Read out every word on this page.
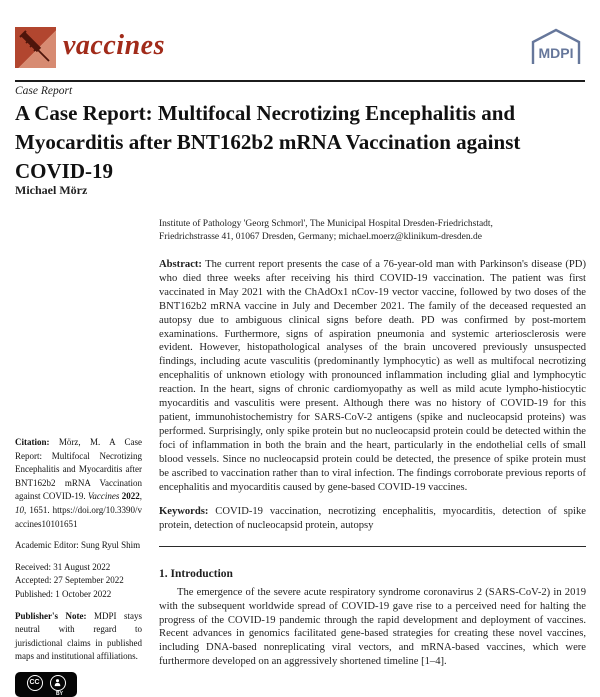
vaccines	MDPI
Case Report
A Case Report: Multifocal Necrotizing Encephalitis and Myocarditis after BNT162b2 mRNA Vaccination against COVID-19

Michael Mörz

Institute of Pathology 'Georg Schmorl', The Municipal Hospital Dresden-Friedrichstadt, Friedrichstrasse 41, 01067 Dresden, Germany; michael.moerz@klinikum-dresden.de

Abstract: The current report presents the case of a 76-year-old man with Parkinson's disease (PD) who died three weeks after receiving his third COVID-19 vaccination. The patient was first vaccinated in May 2021 with the ChAdOx1 nCov-19 vector vaccine, followed by two doses of the BNT162b2 mRNA vaccine in July and December 2021. The family of the deceased requested an autopsy due to ambiguous clinical signs before death. PD was confirmed by post-mortem examinations. Furthermore, signs of aspiration pneumonia and systemic arteriosclerosis were evident. However, histopathological analyses of the brain uncovered previously unsuspected findings, including acute vasculitis (predominantly lymphocytic) as well as multifocal necrotizing encephalitis of unknown etiology with pronounced inflammation including glial and lymphocytic reaction. In the heart, signs of chronic cardiomyopathy as well as mild acute lympho-histiocytic myocarditis and vasculitis were present. Although there was no history of COVID-19 for this patient, immunohistochemistry for SARS-CoV-2 antigens (spike and nucleocapsid proteins) was performed. Surprisingly, only spike protein but no nucleocapsid protein could be detected within the foci of inflammation in both the brain and the heart, particularly in the endothelial cells of small blood vessels. Since no nucleocapsid protein could be detected, the presence of spike protein must be ascribed to vaccination rather than to viral infection. The findings corroborate previous reports of encephalitis and myocarditis caused by gene-based COVID-19 vaccines.

Keywords: COVID-19 vaccination, necrotizing encephalitis, myocarditis, detection of spike protein, detection of nucleocapsid protein, autopsy

1. Introduction

The emergence of the severe acute respiratory syndrome coronavirus 2 (SARS-CoV-2) in 2019 with the subsequent worldwide spread of COVID-19 gave rise to a perceived need for halting the progress of the COVID-19 pandemic through the rapid development and deployment of vaccines. Recent advances in genomics facilitated gene-based strategies for creating these novel vaccines, including DNA-based nonreplicating viral vectors, and mRNA-based vaccines, which were furthermore developed on an aggressively shortened timeline [1–4].

Citation: Mörz, M. A Case Report: Multifocal Necrotizing Encephalitis and Myocarditis after BNT162b2 mRNA Vaccination against COVID-19. Vaccines 2022, 10, 1651. https://doi.org/10.3390/vaccines10101651

Academic Editor: Sung Ryul Shim

Received: 31 August 2022
Accepted: 27 September 2022
Published: 1 October 2022

Publisher's Note: MDPI stays neutral with regard to jurisdictional claims in published maps and institutional affiliations.

CC
BY
